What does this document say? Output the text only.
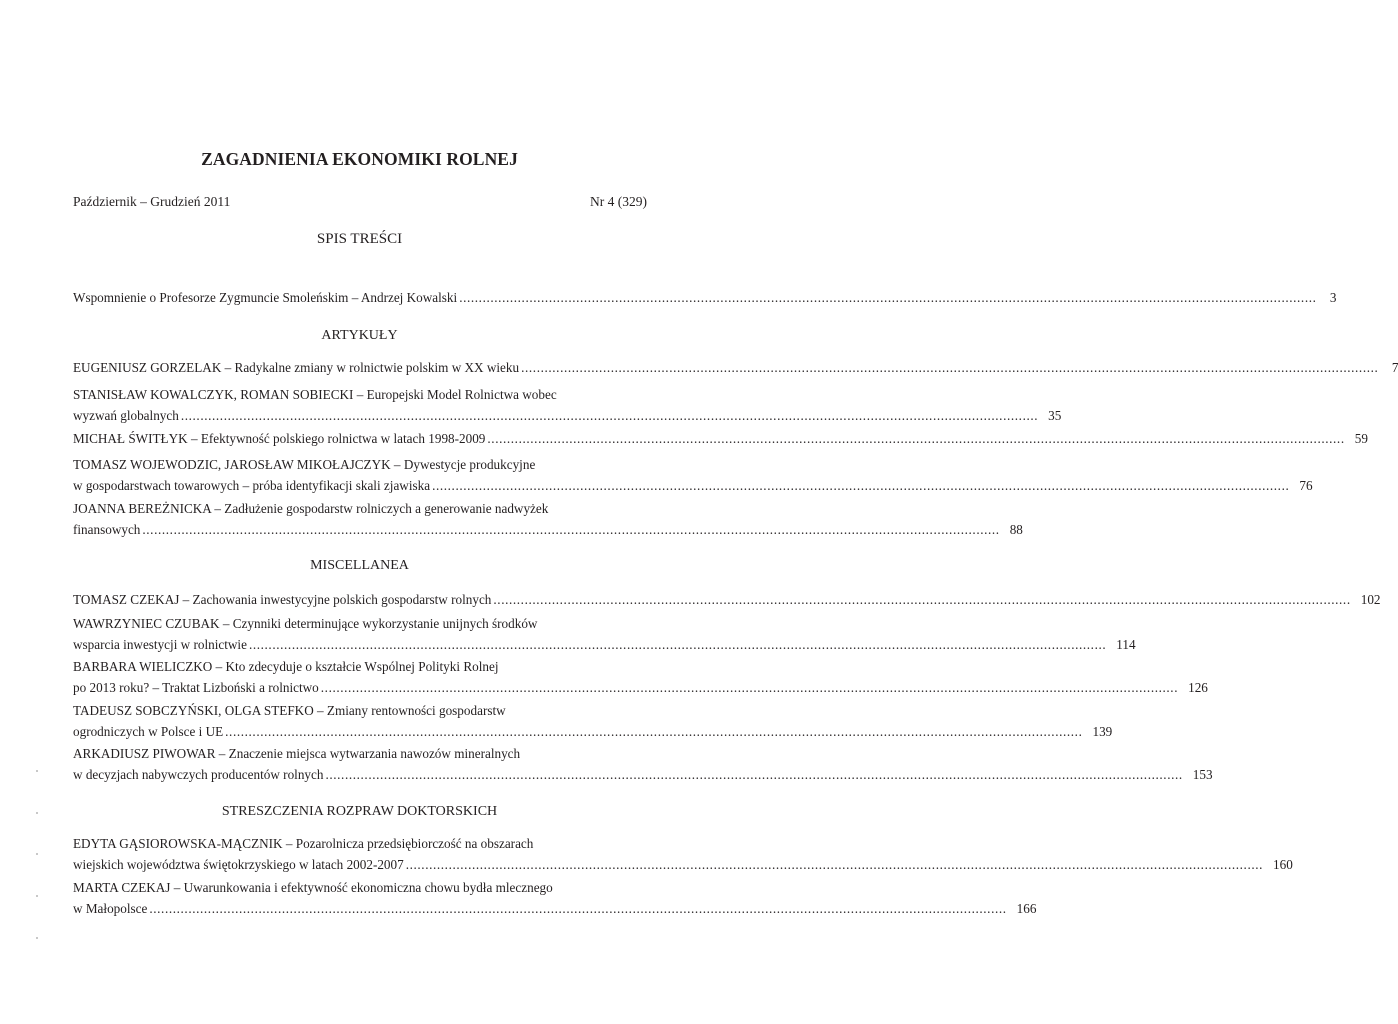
ZAGADNIENIA EKONOMIKI ROLNEJ
Październik – Grudzień 2011	Nr 4 (329)
SPIS TREŚCI
Wspomnienie o Profesorze Zygmuncie Smoleńskim – Andrzej Kowalski ............................................................................................................................................................................................................................ 3
ARTYKUŁY
EUGENIUSZ GORZELAK – Radykalne zmiany w rolnictwie polskim w XX wieku ............................................................................................................................................................................................................................ 7
STANISŁAW KOWALCZYK, ROMAN SOBIECKI – Europejski Model Rolnictwa wobec
wyzwań globalnych ............................................................................................................................................................................................................................ 35
MICHAŁ ŚWITŁYK – Efektywność polskiego rolnictwa w latach 1998-2009 ............................................................................................................................................................................................................................ 59
TOMASZ WOJEWODZIC, JAROSŁAW MIKOŁAJCZYK – Dywestycje produkcyjne
w gospodarstwach towarowych – próba identyfikacji skali zjawiska ............................................................................................................................................................................................................................ 76
JOANNA BEREŻNICKA – Zadłużenie gospodarstw rolniczych a generowanie nadwyżek
finansowych ............................................................................................................................................................................................................................ 88
MISCELLANEA
TOMASZ CZEKAJ – Zachowania inwestycyjne polskich gospodarstw rolnych ............................................................................................................................................................................................................................ 102
WAWRZYNIEC CZUBAK – Czynniki determinujące wykorzystanie unijnych środków
wsparcia inwestycji w rolnictwie ............................................................................................................................................................................................................................ 114
BARBARA WIELICZKO – Kto zdecyduje o kształcie Wspólnej Polityki Rolnej
po 2013 roku? – Traktat Lizboński a rolnictwo ............................................................................................................................................................................................................................ 126
TADEUSZ SOBCZYŃSKI, OLGA STEFKO – Zmiany rentowności gospodarstw
ogrodniczych w Polsce i UE ............................................................................................................................................................................................................................ 139
ARKADIUSZ PIWOWAR – Znaczenie miejsca wytwarzania nawozów mineralnych
w decyzjach nabywczych producentów rolnych ............................................................................................................................................................................................................................ 153
STRESZCZENIA ROZPRAW DOKTORSKICH
EDYTA GĄSIOROWSKA-MĄCZNIK – Pozarolnicza przedsiębiorczość na obszarach
wiejskich województwa świętokrzyskiego w latach 2002-2007 ............................................................................................................................................................................................................................ 160
MARTA CZEKAJ – Uwarunkowania i efektywność ekonomiczna chowu bydła mlecznego
w Małopolsce ............................................................................................................................................................................................................................ 166
